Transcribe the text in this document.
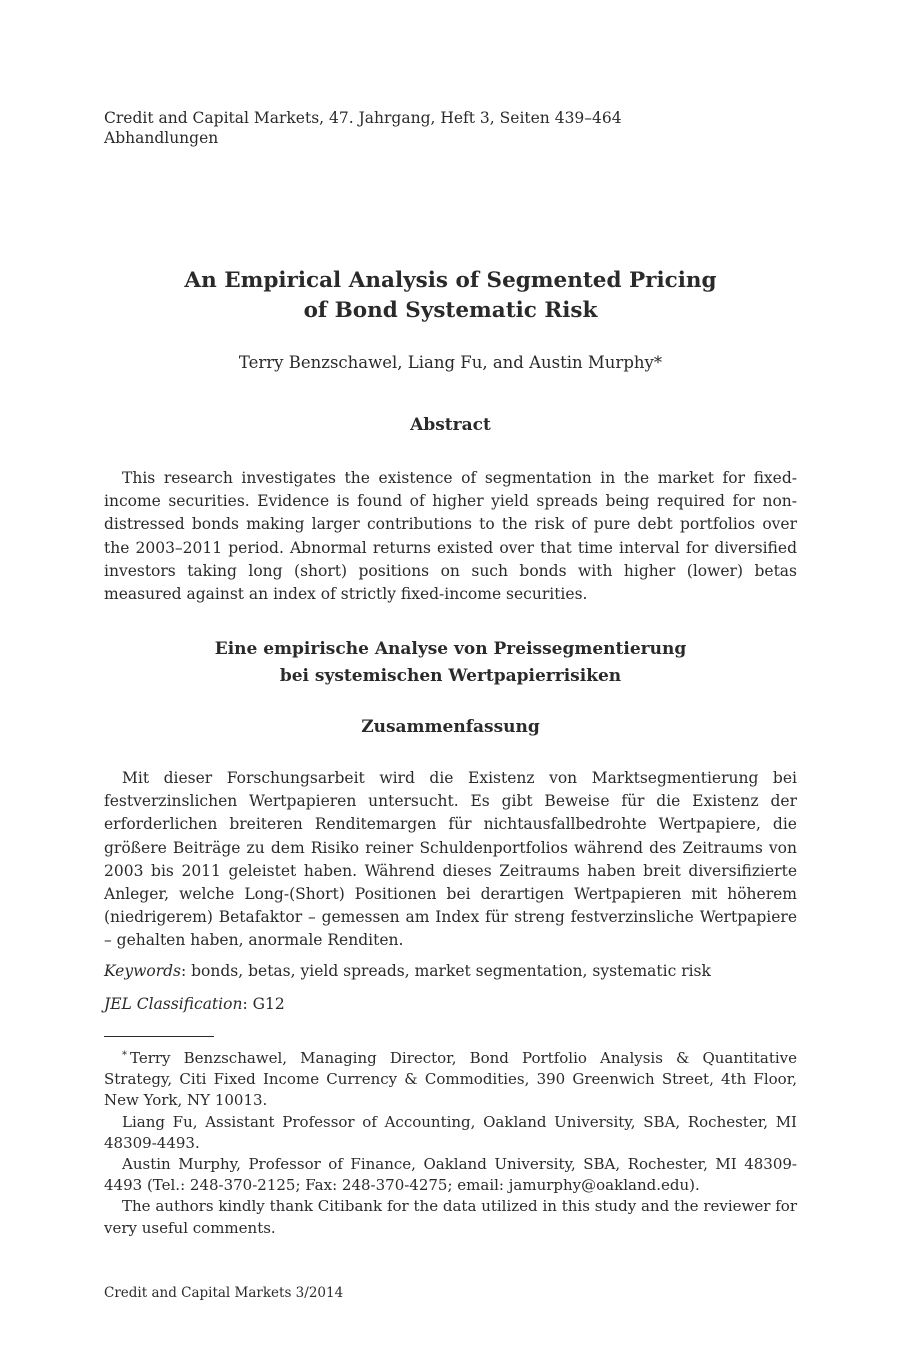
Credit and Capital Markets, 47. Jahrgang, Heft 3, Seiten 439–464
Abhandlungen
An Empirical Analysis of Segmented Pricing
of Bond Systematic Risk
Terry Benzschawel, Liang Fu, and Austin Murphy*
Abstract

This research investigates the existence of segmentation in the market for fixed-income securities. Evidence is found of higher yield spreads being required for non-distressed bonds making larger contributions to the risk of pure debt portfolios over the 2003–2011 period. Abnormal returns existed over that time interval for diversified investors taking long (short) positions on such bonds with higher (lower) betas measured against an index of strictly fixed-income securities.

Eine empirische Analyse von Preissegmentierung
bei systemischen Wertpapierrisiken
Zusammenfassung

Mit dieser Forschungsarbeit wird die Existenz von Marktsegmentierung bei festverzinslichen Wertpapieren untersucht. Es gibt Beweise für die Existenz der erforderlichen breiteren Renditemargen für nichtausfallbedrohte Wertpapiere, die größere Beiträge zu dem Risiko reiner Schuldenportfolios während des Zeitraums von 2003 bis 2011 geleistet haben. Während dieses Zeitraums haben breit diversifizierte Anleger, welche Long-(Short) Positionen bei derartigen Wertpapieren mit höherem (niedrigerem) Betafaktor – gemessen am Index für streng festverzinsliche Wertpapiere – gehalten haben, anormale Renditen.

Keywords: bonds, betas, yield spreads, market segmentation, systematic risk
JEL Classification: G12

* Terry Benzschawel, Managing Director, Bond Portfolio Analysis & Quantitative Strategy, Citi Fixed Income Currency & Commodities, 390 Greenwich Street, 4th Floor, New York, NY 10013.

Liang Fu, Assistant Professor of Accounting, Oakland University, SBA, Rochester, MI 48309-4493.

Austin Murphy, Professor of Finance, Oakland University, SBA, Rochester, MI 48309-4493 (Tel.: 248-370-2125; Fax: 248-370-4275; email: jamurphy@oakland.edu).

The authors kindly thank Citibank for the data utilized in this study and the reviewer for very useful comments.

Credit and Capital Markets 3/2014
